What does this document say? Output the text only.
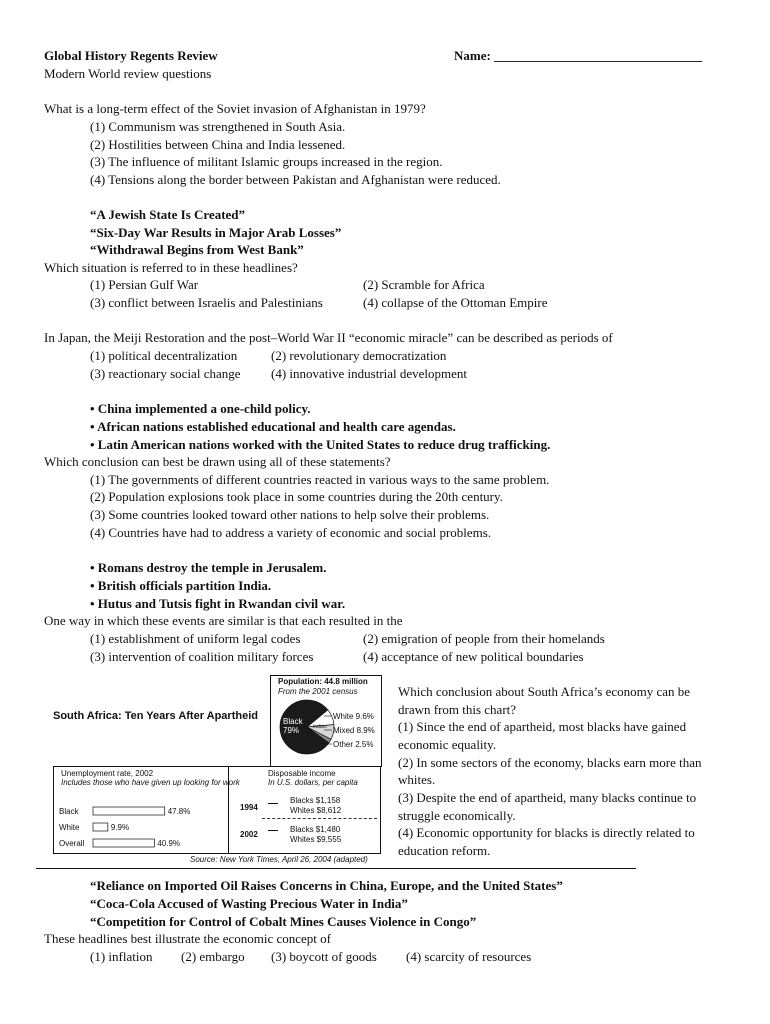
Global History Regents Review	Name: ________________________________
Modern World review questions
What is a long-term effect of the Soviet invasion of Afghanistan in 1979?
(1) Communism was strengthened in South Asia.
(2) Hostilities between China and India lessened.
(3) The influence of militant Islamic groups increased in the region.
(4) Tensions along the border between Pakistan and Afghanistan were reduced.
“A Jewish State Is Created”
“Six-Day War Results in Major Arab Losses”
“Withdrawal Begins from West Bank”
Which situation is referred to in these headlines?
(1) Persian Gulf War	(2) Scramble for Africa
(3) conflict between Israelis and Palestinians	(4) collapse of the Ottoman Empire
In Japan, the Meiji Restoration and the post–World War II “economic miracle” can be described as periods of
(1) political decentralization	(2) revolutionary democratization
(3) reactionary social change (4) innovative industrial development
• China implemented a one-child policy.
• African nations established educational and health care agendas.
• Latin American nations worked with the United States to reduce drug trafficking.
Which conclusion can best be drawn using all of these statements?
(1) The governments of different countries reacted in various ways to the same problem.
(2) Population explosions took place in some countries during the 20th century.
(3) Some countries looked toward other nations to help solve their problems.
(4) Countries have had to address a variety of economic and social problems.
• Romans destroy the temple in Jerusalem.
• British officials partition India.
• Hutus and Tutsis fight in Rwandan civil war.
One way in which these events are similar is that each resulted in the
(1) establishment of uniform legal codes	(2) emigration of people from their homelands
(3) intervention of coalition military forces	(4) acceptance of new political boundaries
South Africa: Ten Years After Apartheid
Population: 44.8 million
From the 2001 census
Black
79%	Indian
White 9.6%
Mixed 8.9%
Other 2.5%
Unemployment rate, 2002
Includes those who have given up looking for work
Black	47.8%
White	9.9%
Overall	40.9%
Disposable income
In U.S. dollars, per capita
1994
Blacks $1,158
Whites $8,612
2002
Blacks $1,480
Whites $9,555
Source: New York Times, April 26, 2004 (adapted)
Which conclusion about South Africa’s economy can be
drawn from this chart?
(1) Since the end of apartheid, most blacks have gained
economic equality.
(2) In some sectors of the economy, blacks earn more than
whites.
(3) Despite the end of apartheid, many blacks continue to
struggle economically.
(4) Economic opportunity for blacks is directly related to
education reform.
“Reliance on Imported Oil Raises Concerns in China, Europe, and the United States”
“Coca-Cola Accused of Wasting Precious Water in India”
“Competition for Control of Cobalt Mines Causes Violence in Congo”
These headlines best illustrate the economic concept of
(1) inflation (2) embargo (3) boycott of goods (4) scarcity of resources
